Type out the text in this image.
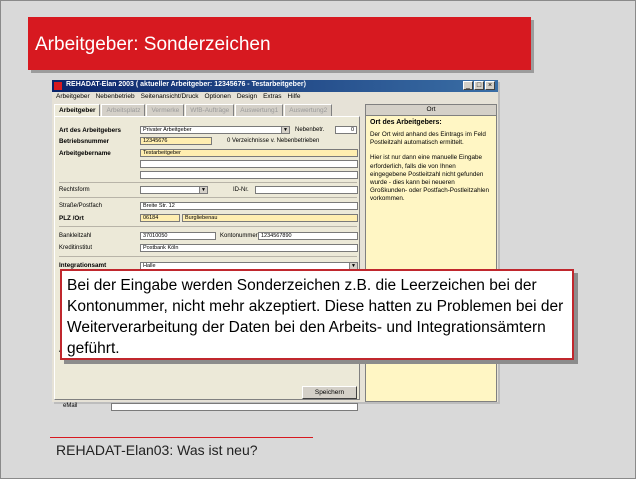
Arbeitgeber: Sonderzeichen
REHADAT-Elan 2003 ( aktueller Arbeitgeber: 12345676 - Testarbeitgeber)	_ □ ×
Arbeitgeber Nebenbetrieb Seitenansicht/Druck Optionen Design Extras Hilfe
Arbeitgeber	Arbeitsplatz	Vermerke	WfB-Aufträge	Auswertung1	Auswertung2
Art des Arbeitgebers	Privater Arbeitgeber	▼ Nebenbetr.	0
Betriebsnummer	12345676	0 Verzeichnisse v. Nebenbetrieben
Arbeitgebername	Testarbeitgeber
Rechtsform	▼	ID-Nr.
Straße/Postfach	Breite Str. 12
PLZ /Ort	06184	Burgliebenau
Bankleitzahl	37010050	Kontonummer 1234567890
Kreditinstitut	Postbank Köln
Integrationsamt	Halle	▼
eMail
Speichern
Ort
Ort des Arbeitgebers:

Der Ort wird anhand des Eintrags im Feld Postleitzahl automatisch ermittelt.

Hier ist nur dann eine manuelle Eingabe erforderlich, falls die von Ihnen eingegebene Postleitzahl nicht gefunden wurde - dies kann bei neueren Großkunden- oder Postfach-Postleitzahlen vorkommen.

Bei der Eingabe werden Sonderzeichen z.B. die Leerzeichen bei der Kontonummer, nicht mehr akzeptiert. Diese hatten zu Problemen bei der Weiterverarbeitung der Daten bei den Arbeits- und Integrationsämtern geführt.
REHADAT-Elan03: Was ist neu?
